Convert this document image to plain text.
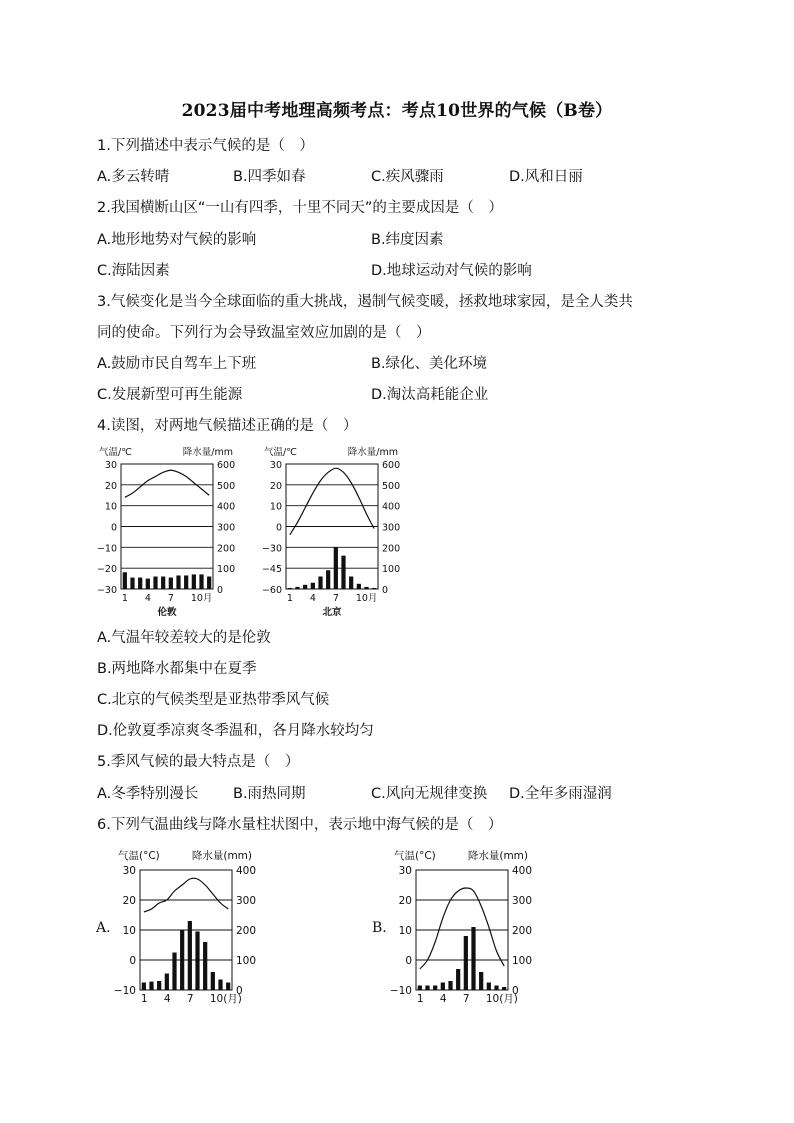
2023届中考地理高频考点：考点10世界的气候（B卷）
1.下列描述中表示气候的是（　）
A.多云转晴	B.四季如春	C.疾风骤雨	D.风和日丽
2.我国横断山区“一山有四季，十里不同天”的主要成因是（　）
A.地形地势对气候的影响	B.纬度因素
C.海陆因素	D.地球运动对气候的影响
3.气候变化是当今全球面临的重大挑战，遏制气候变暖，拯救地球家园，是全人类共
同的使命。下列行为会导致温室效应加剧的是（　）
A.鼓励市民自驾车上下班	B.绿化、美化环境
C.发展新型可再生能源	D.淘汰高耗能企业
4.读图，对两地气候描述正确的是（　）
气温/℃	降水量/mm
30	600
20	500
10	400
0	300
−10	200
−20	100
−30	0
1 4 7 10月
伦敦
气温/℃	降水量/mm
30	600
20	500
10	400
0	300
−30	200
−45	100
−60	0
1 4 7 10月
北京
A.气温年较差较大的是伦敦
B.两地降水都集中在夏季
C.北京的气候类型是亚热带季风气候
D.伦敦夏季凉爽冬季温和，各月降水较均匀
5.季风气候的最大特点是（　）
A.冬季特别漫长 B.雨热同期	C.风向无规律变换 D.全年多雨湿润
6.下列气温曲线与降水量柱状图中，表示地中海气候的是（　）
A.
气温(°C)	降水量(mm)
30	400
20	300
10	200
0	100
−10	0
1 4 7 10(月)
B.
气温(°C)	降水量(mm)
30	400
20	300
10	200
0	100
−10	0
1 4 7 10(月)
